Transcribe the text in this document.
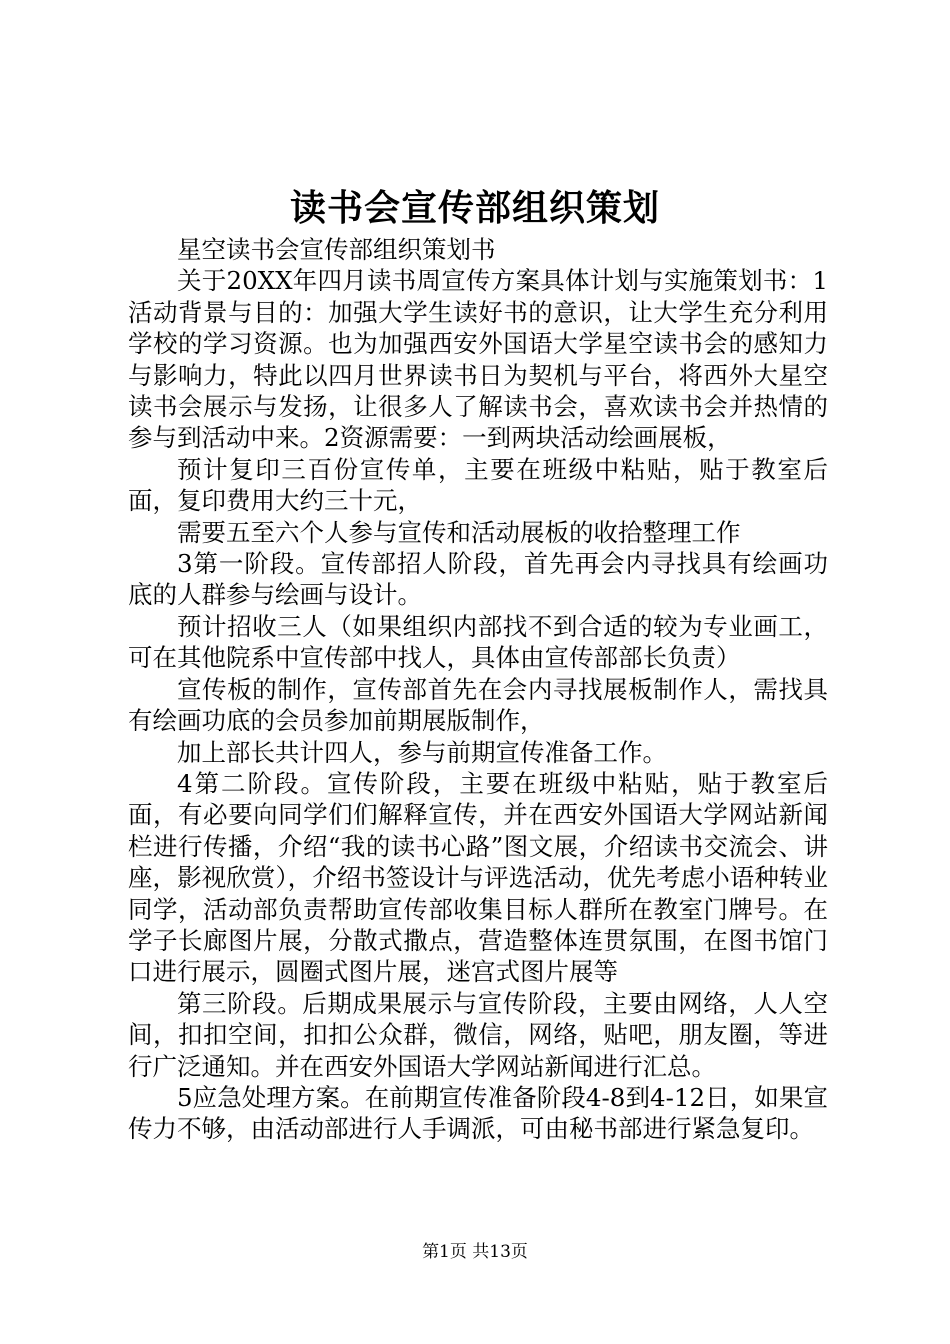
读书会宣传部组织策划

星空读书会宣传部组织策划书

关于20XX年四月读书周宣传方案具体计划与实施策划书：1活动背景与目的：加强大学生读好书的意识，让大学生充分利用学校的学习资源。也为加强西安外国语大学星空读书会的感知力与影响力，特此以四月世界读书日为契机与平台，将西外大星空读书会展示与发扬，让很多人了解读书会，喜欢读书会并热情的参与到活动中来。2资源需要：一到两块活动绘画展板，

预计复印三百份宣传单，主要在班级中粘贴，贴于教室后面，复印费用大约三十元，

需要五至六个人参与宣传和活动展板的收拾整理工作

3第一阶段。宣传部招人阶段，首先再会内寻找具有绘画功底的人群参与绘画与设计。

预计招收三人（如果组织内部找不到合适的较为专业画工，可在其他院系中宣传部中找人，具体由宣传部部长负责）

宣传板的制作，宣传部首先在会内寻找展板制作人，需找具有绘画功底的会员参加前期展版制作，

加上部长共计四人，参与前期宣传准备工作。

4第二阶段。宣传阶段，主要在班级中粘贴，贴于教室后面，有必要向同学们们解释宣传，并在西安外国语大学网站新闻栏进行传播，介绍“我的读书心路”图文展，介绍读书交流会、讲座，影视欣赏），介绍书签设计与评选活动，优先考虑小语种转业同学，活动部负责帮助宣传部收集目标人群所在教室门牌号。在学子长廊图片展，分散式撒点，营造整体连贯氛围，在图书馆门口进行展示，圆圈式图片展，迷宫式图片展等

第三阶段。后期成果展示与宣传阶段，主要由网络，人人空间，扣扣空间，扣扣公众群，微信，网络，贴吧，朋友圈，等进行广泛通知。并在西安外国语大学网站新闻进行汇总。

5应急处理方案。在前期宣传准备阶段4-8到4-12日，如果宣传力不够，由活动部进行人手调派，可由秘书部进行紧急复印。

第1页 共13页
